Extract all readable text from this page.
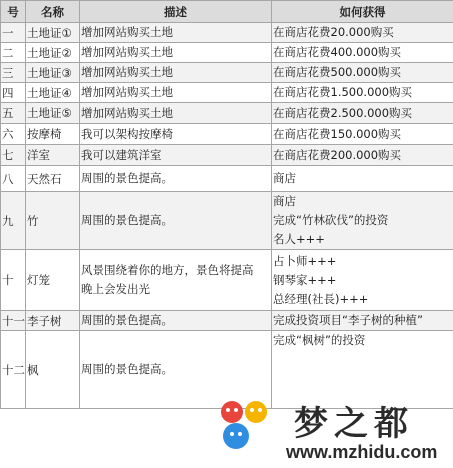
号	名称	描述	如何获得
一	土地证①	增加网站购买土地	在商店花费20.000购买

二	土地证②	增加网站购买土地	在商店花费400.000购买

三	土地证③	增加网站购买土地	在商店花费500.000购买

四	土地证④	增加网站购买土地	在商店花费1.500.000购买

五	土地证⑤	增加网站购买土地	在商店花费2.500.000购买

六	按摩椅	我可以架构按摩椅	在商店花费150.000购买

七	洋室	我可以建筑洋室	在商店花费200.000购买

八	天然石	周围的景色提高。	商店

九	竹	周围的景色提高。	商店
完成“竹林砍伐”的投资
名人+++

十	灯笼	风景围绕着你的地方，景色将提高
晚上会发出光	占卜师+++
钢琴家+++
总经理(社長)+++

十一	李子树	周围的景色提高。	完成投资项目“李子树的种植”

十二	枫	周围的景色提高。	完成“枫树”的投资
梦之都
www.mzhidu.com
